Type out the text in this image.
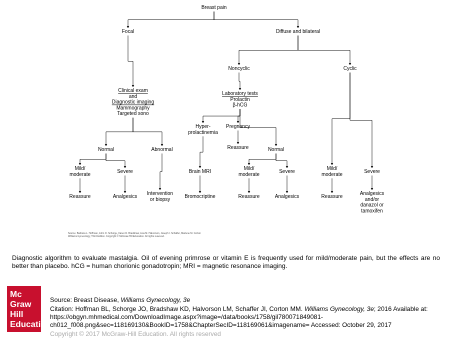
Breast pain
Focal	Diffuse and bilateral
Noncyclic	Cyclic
Clinical exam
and
Diagnostic imaging
Mammography
Targeted sono
Laboratory tests
Prolactin
β-hCG
Normal	Abnormal
Hyper-
prolactinemia
Pregnancy
Normal
Reassure
Mild/
moderate	Severe	Brain MRI	Mild/
moderate	Severe	Mild/
moderate	Severe
Reassure	Analgesics Intervention
or biopsy	Bromocriptine	Reassure	Analgesics	Reassure	Analgesics
and/or
danazol or
tamoxifen
Source: Barbara L. Hoffman, John O. Schorge, Karen D. Bradshaw, Lisa M. Halvorson, Joseph I. Schaffer, Marlene M. Corton
Williams Gynecology, Third Edition. Copyright © McGraw-Hill Education. All rights reserved.
Diagnostic algorithm to evaluate mastalgia. Oil of evening primrose or vitamin E is frequently used for mild/moderate pain, but the effects are no better than placebo. hCG = human chorionic gonadotropin; MRI = magnetic resonance imaging.
Mc
Graw
Hill
Education
Source: Breast Disease, Williams Gynecology, 3e
Citation: Hoffman BL, Schorge JO, Bradshaw KD, Halvorson LM, Schaffer JI, Corton MM. Williams Gynecology, 3e; 2016 Available at: https://obgyn.mhmedical.com/DownloadImage.aspx?image=/data/books/1758/gil780071849081-ch012_f008.png&sec=118169130&BookID=1758&ChapterSecID=118169061&imagename= Accessed: October 29, 2017
Copyright © 2017 McGraw-Hill Education. All rights reserved
